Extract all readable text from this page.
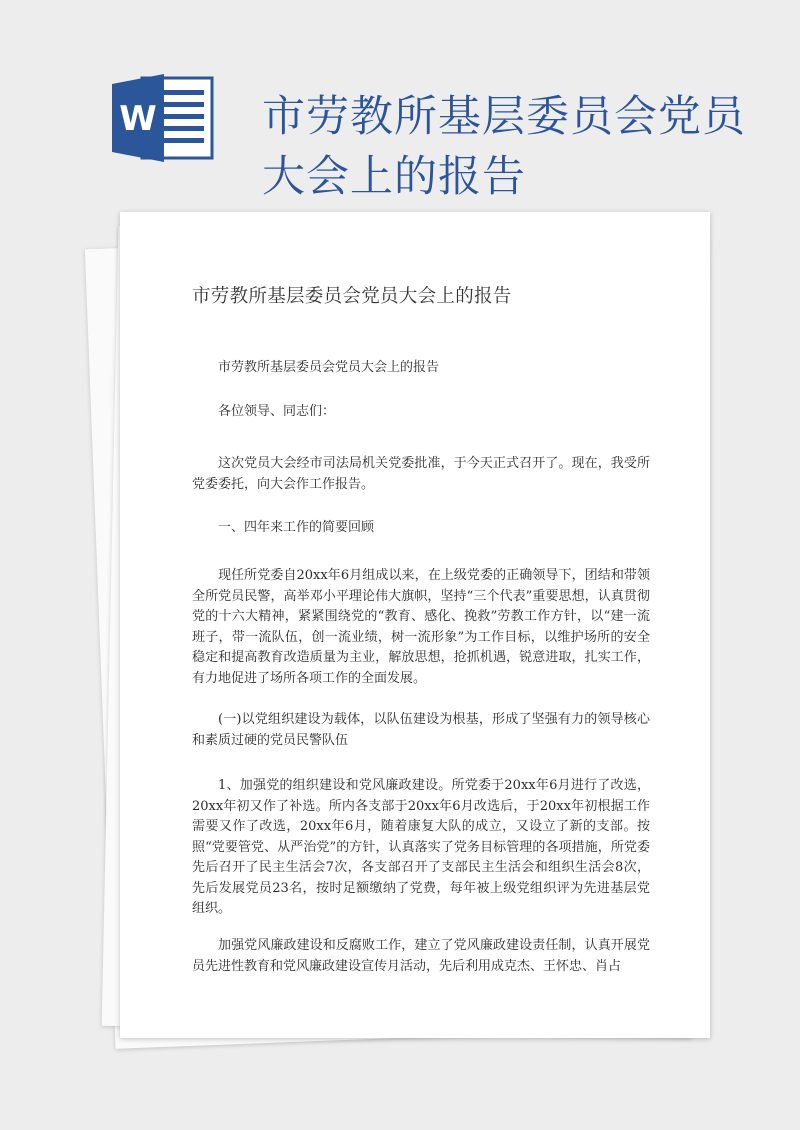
W 市劳教所基层委员会党员大会上的报告
市劳教所基层委员会党员大会上的报告

市劳教所基层委员会党员大会上的报告

各位领导、同志们：

这次党员大会经市司法局机关党委批准，于今天正式召开了。现在，我受所党委委托，向大会作工作报告。

一、四年来工作的简要回顾

现任所党委自20xx年6月组成以来，在上级党委的正确领导下，团结和带领全所党员民警，高举邓小平理论伟大旗帜，坚持“三个代表”重要思想，认真贯彻党的十六大精神，紧紧围绕党的“教育、感化、挽救”劳教工作方针，以“建一流班子，带一流队伍，创一流业绩，树一流形象”为工作目标，以维护场所的安全稳定和提高教育改造质量为主业，解放思想，抢抓机遇，锐意进取，扎实工作，有力地促进了场所各项工作的全面发展。

(一)以党组织建设为载体，以队伍建设为根基，形成了坚强有力的领导核心和素质过硬的党员民警队伍

1、加强党的组织建设和党风廉政建设。所党委于20xx年6月进行了改选，20xx年初又作了补选。所内各支部于20xx年6月改选后，于20xx年初根据工作需要又作了改选，20xx年6月，随着康复大队的成立，又设立了新的支部。按照“党要管党、从严治党”的方针，认真落实了党务目标管理的各项措施，所党委先后召开了民主生活会7次，各支部召开了支部民主生活会和组织生活会8次，先后发展党员23名，按时足额缴纳了党费，每年被上级党组织评为先进基层党组织。

加强党风廉政建设和反腐败工作，建立了党风廉政建设责任制，认真开展党员先进性教育和党风廉政建设宣传月活动，先后利用成克杰、王怀忠、肖占
